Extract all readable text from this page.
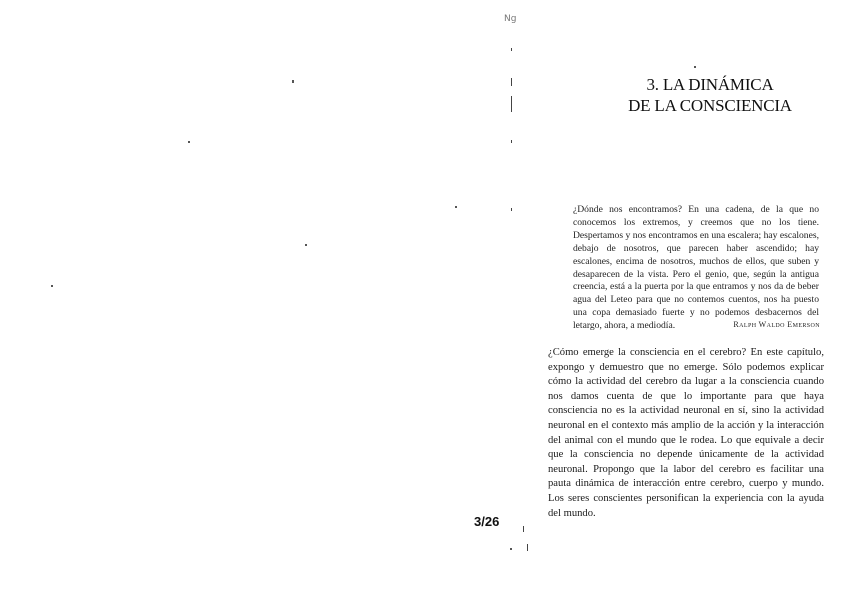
Ng
3/26
3. LA DINÁMICA
DE LA CONSCIENCIA
¿Dónde nos encontramos? En una cadena, de la que no conocemos los extremos, y creemos que no los tiene. Despertamos y nos encontramos en una escalera; hay escalones, debajo de nosotros, que parecen haber ascendido; hay escalones, encima de nosotros, muchos de ellos, que suben y desaparecen de la vista. Pero el genio, que, según la antigua creencia, está a la puerta por la que entramos y nos da de beber agua del Leteo para que no contemos cuentos, nos ha puesto una copa demasiado fuerte y no podemos desbacernos del letargo, ahora, a mediodía.	Ralph Waldo Emerson
¿Cómo emerge la consciencia en el cerebro? En este capítulo, expongo y demuestro que no emerge. Sólo podemos explicar cómo la actividad del cerebro da lugar a la consciencia cuando nos damos cuenta de que lo importante para que haya consciencia no es la actividad neuronal en sí, sino la actividad neuronal en el contexto más amplio de la acción y la interacción del animal con el mundo que le rodea. Lo que equivale a decir que la consciencia no depende únicamente de la actividad neuronal. Propongo que la labor del cerebro es facilitar una pauta dinámica de interacción entre cerebro, cuerpo y mundo. Los seres conscientes personifican la experiencia con la ayuda del mundo.
